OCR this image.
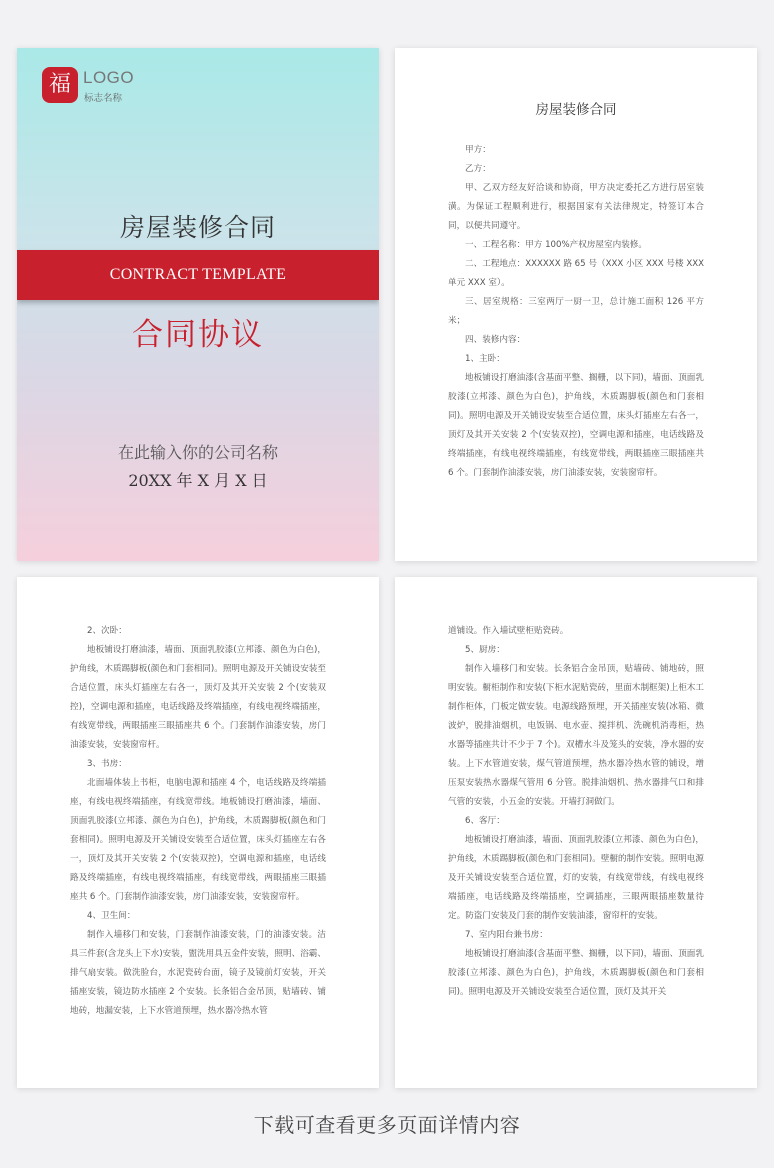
福 LOGO
标志名称
房屋装修合同
CONTRACT TEMPLATE
合同协议
在此输入你的公司名称
20XX 年 X 月 X 日
房屋装修合同

甲方：

乙方：

甲、乙双方经友好洽谈和协商，甲方决定委托乙方进行居室装潢。为保证工程顺利进行，根据国家有关法律规定，特签订本合同，以便共同遵守。

一、工程名称：甲方 100%产权房屋室内装修。

二、工程地点：XXXXXX 路 65 号（XXX 小区 XXX 号楼 XXX 单元 XXX 室）。

三、居室规格：三室两厅一厨一卫，总计施工面积 126 平方米；

四、装修内容：

1、主卧：

地板铺设打磨油漆(含基面平整、搁栅，以下同)，墙面、顶面乳胶漆(立邦漆、颜色为白色)，护角线，木质踢脚板(颜色和门套相同)。照明电源及开关铺设安装至合适位置，床头灯插座左右各一，顶灯及其开关安装 2 个(安装双控)，空调电源和插座，电话线路及终端插座，有线电视终端插座，有线宽带线，两眼插座三眼插座共 6 个。门套制作油漆安装，房门油漆安装，安装窗帘杆。

2、次卧：

地板铺设打磨油漆，墙面、顶面乳胶漆(立邦漆、颜色为白色)，护角线，木质踢脚板(颜色和门套相同)。照明电源及开关铺设安装至合适位置，床头灯插座左右各一，顶灯及其开关安装 2 个(安装双控)，空调电源和插座，电话线路及终端插座，有线电视终端插座，有线宽带线，两眼插座三眼插座共 6 个。门套制作油漆安装，房门油漆安装，安装窗帘杆。

3、书房：

北面墙体装上书柜，电脑电源和插座 4 个，电话线路及终端插座，有线电视终端插座，有线宽带线。地板铺设打磨油漆，墙面、顶面乳胶漆(立邦漆、颜色为白色)，护角线，木质踢脚板(颜色和门套相同)。照明电源及开关铺设安装至合适位置，床头灯插座左右各一，顶灯及其开关安装 2 个(安装双控)，空调电源和插座，电话线路及终端插座，有线电视终端插座，有线宽带线，两眼插座三眼插座共 6 个。门套制作油漆安装，房门油漆安装，安装窗帘杆。

4、卫生间：

制作入墙移门和安装，门套制作油漆安装，门的油漆安装。洁具三件套(含龙头上下水)安装，盥洗用具五金件安装，照明、浴霸、排气扇安装。做洗脸台，水泥瓷砖台面，镜子及镜前灯安装，开关插座安装，镜边防水插座 2 个安装。长条铝合金吊顶，贴墙砖、铺地砖，地漏安装，上下水管道预埋，热水器冷热水管

道铺设。作入墙试壁柜贴瓷砖。

5、厨房：

制作入墙移门和安装。长条铝合金吊顶，贴墙砖、铺地砖，照明安装。橱柜制作和安装(下柜水泥贴瓷砖，里面木制框架)上柜木工制作柜体，门板定做安装。电源线路预埋，开关插座安装(冰箱、微波炉，脱排油烟机，电饭锅、电水壶、搅拌机、洗碗机消毒柜，热水器等插座共计不少于 7 个)。双槽水斗及笼头的安装，净水器的安装。上下水管道安装，煤气管道预埋，热水器冷热水管的铺设，增压泵安装热水器煤气管用 6 分管。脱排油烟机、热水器排气口和排气管的安装，小五金的安装。开墙打洞做门。

6、客厅：

地板铺设打磨油漆，墙面、顶面乳胶漆(立邦漆、颜色为白色)，护角线，木质踢脚板(颜色和门套相同)。壁橱的制作安装。照明电源及开关铺设安装至合适位置，灯的安装，有线宽带线，有线电视终端插座，电话线路及终端插座，空调插座，三眼两眼插座数量待定。防盗门安装及门套的制作安装油漆，窗帘杆的安装。

7、室内阳台兼书房：

地板铺设打磨油漆(含基面平整、搁栅，以下同)，墙面、顶面乳胶漆(立邦漆、颜色为白色)，护角线，木质踢脚板(颜色和门套相同)。照明电源及开关铺设安装至合适位置，顶灯及其开关

下载可查看更多页面详情内容
